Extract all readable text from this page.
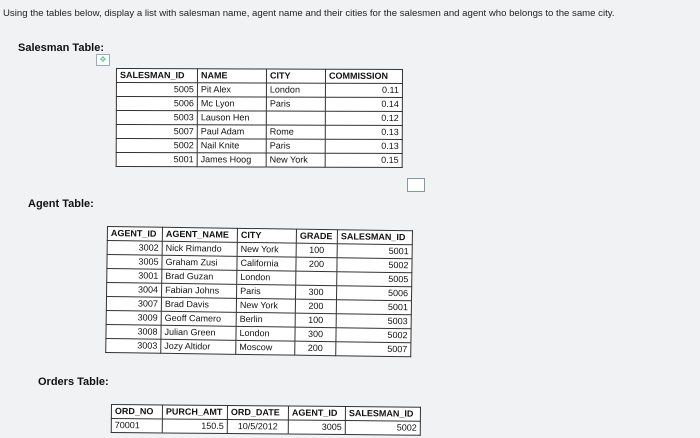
Using the tables below, display a list with salesman name, agent name and their cities for the salesmen and agent who belongs to the same city.
Salesman Table:
✥
SALESMAN_ID	NAME	CITY	COMMISSION
5005	Pit Alex	London	0.11
5006	Mc Lyon	Paris	0.14
5003	Lauson Hen		0.12
5007	Paul Adam	Rome	0.13
5002	Nail Knite	Paris	0.13
5001	James Hoog	New York	0.15
Agent Table:
AGENT_ID	AGENT_NAME	CITY	GRADE	SALESMAN_ID
3002	Nick Rimando	New York	100	5001
3005	Graham Zusi	California	200	5002
3001	Brad Guzan	London		5005
3004	Fabian Johns	Paris	300	5006
3007	Brad Davis	New York	200	5001
3009	Geoff Camero	Berlin	100	5003
3008	Julian Green	London	300	5002
3003	Jozy Altidor	Moscow	200	5007
Orders Table:
ORD_NO	PURCH_AMT	ORD_DATE	AGENT_ID	SALESMAN_ID
70001	150.5	10/5/2012	3005	5002
